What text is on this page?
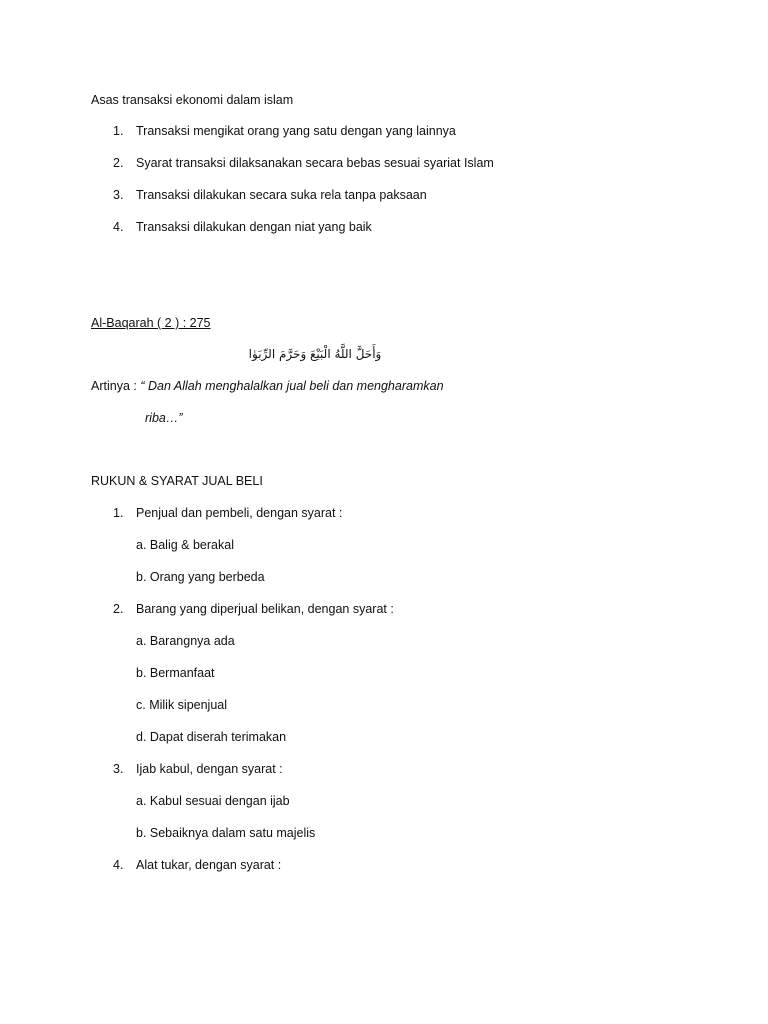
Asas transaksi ekonomi dalam islam
1. Transaksi mengikat orang yang satu dengan yang lainnya
2. Syarat transaksi dilaksanakan secara bebas sesuai syariat Islam
3. Transaksi dilakukan secara suka rela tanpa paksaan
4. Transaksi dilakukan dengan niat yang baik
Al-Baqarah ( 2 ) : 275
وَأَحَلَّ اللَّهُ الْبَيْعَ وَحَرَّمَ الرِّبَوٰا
Artinya : “ Dan Allah menghalalkan jual beli dan mengharamkan
riba…”
RUKUN & SYARAT JUAL BELI
1. Penjual dan pembeli, dengan syarat :
a. Balig & berakal
b. Orang yang berbeda
2. Barang yang diperjual belikan, dengan syarat :
a. Barangnya ada
b. Bermanfaat
c. Milik sipenjual
d. Dapat diserah terimakan
3. Ijab kabul, dengan syarat :
a. Kabul sesuai dengan ijab
b. Sebaiknya dalam satu majelis
4. Alat tukar, dengan syarat :
